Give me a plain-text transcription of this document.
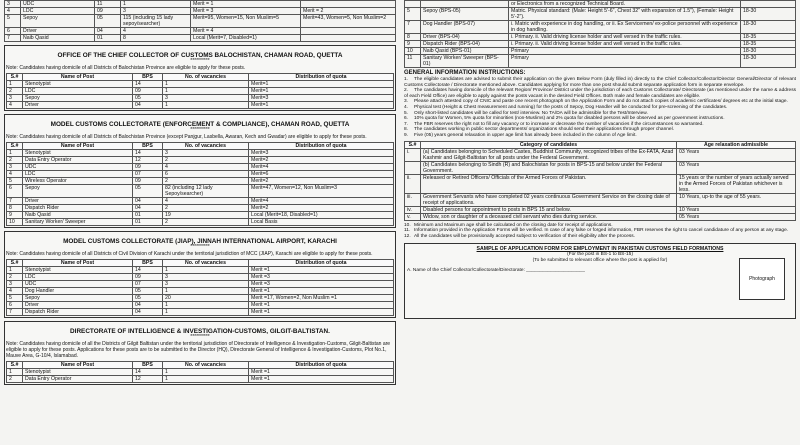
3	UDC	11	1	Merit = 1	
4	LDC	09	3	Merit = 3	Merit = 2
5	Sepoy	05	115 (including 15 lady sepoy/searcher)	Merit=95, Women=15, Non Muslim=5	Merit=43, Women=5, Non Muslim=2
6	Driver	04	4	Merit = 4	
7	Naib Qasid	01	8	Local (Merit=7, Disabled=1)	
OFFICE OF THE CHIEF COLLECTOR OF CUSTOMS BALOCHISTAN, CHAMAN ROAD, QUETTA
**********
Note: Candidates having domicile of all Districts of Balochistan Province are eligible to apply for these posts.
S.#	Name of Post	BPS	No. of vacancies	Distribution of quota
1	Stenotypist	14	1	Merit=1
2	LDC	09	1	Merit=1
3	Sepoy	05	3	Merit=3
4	Driver	04	1	Merit=1
MODEL CUSTOMS COLLECTORATE (ENFORCEMENT & COMPLIANCE), CHAMAN ROAD, QUETTA
**********
Note: Candidates having domicile of all Districts of Balochistan Province (except Panjgur, Lasbella, Awaran, Kech and Gwadar) are eligible to apply for these posts.
S.#	Name of Post	BPS	No. of vacancies	Distribution of quota
1	Stenotypist	14	3	Merit=3
2	Data Entry Operator	12	2	Merit=2
3	UDC	09	4	Merit=4
4	LDC	07	6	Merit=6
5	Wireless Operator	09	2	Merit=2
6	Sepoy	05	82 (including 12 lady Sepoy/searcher)	Merit=47, Women=12, Non Muslim=3
7	Driver	04	4	Merit=4
8	Dispatch Rider	04	2	Merit=2
9	Naib Qasid	01	19	Local (Merit=18, Disabled=1)
10	Sanitary Worker/ Sweeper	01	2	Local Basis
MODEL CUSTOMS COLLECTORATE (JIAP), JINNAH INTERNATIONAL AIRPORT, KARACHI
**********
Note: Candidates having domicile of all Districts of Civil Division of Karachi under the territorial jurisdiction of MCC (JIAP), Karachi are eligible to apply for these posts.
S.#	Name of Post	BPS	No. of vacancies	Distribution of quota
1	Stenotypist	14	1	Merit =1
2	LDC	09	3	Merit =3
3	UDC	07	3	Merit =3
4	Dog Handler	05	1	Merit =1
5	Sepoy	05	20	Merit =17, Women=2, Non Muslim =1
6	Driver	04	1	Merit =1
7	Dispatch Rider	04	1	Merit =1
DIRECTORATE OF INTELLIGENCE & INVESTIGATION-CUSTOMS, GILGIT-BALTISTAN.
**********
Note: Candidates having domicile of all the Districts of Gilgit Baltistan under the territorial jurisdiction of Directorate of Intelligence & Investigation-Customs, Gilgit-Baltistan are eligible to apply for these posts. Applications for these posts are to be submitted to the Director (HQ), Directorate General of Intelligence & Investigation-Customs, Plot No.1, Mauve Area, G-10/4, Islamabad.
S.#	Name of Post	BPS	No. of vacancies	Distribution of quota
1	Stenotypist	14	1	Merit =1
2	Data Entry Operator	12	1	Merit =1
		or Electronics from a recognized Technical Board.	
5	Sepoy (BPS-05)	Matric. Physical standard: (Male: Height 5'-6", Chest 32" with expansion of 1.5"), (Female: Height 5'-2").	18-30
7	Dog Handler (BPS-07)	i. Matric with experience in dog handling, or ii. Ex Servicemen/ ex-police personnel with experience in dog handling.	18-30
8	Driver (BPS-04)	i. Primary. ii. Valid driving license holder and well versed in the traffic rules.	18-35
9	Dispatch Rider (BPS-04)	i. Primary. ii. Valid driving license holder and well versed in the traffic rules.	18-35
10	Naib Qasid (BPS-01)	Primary	18-30
11	Sanitary Worker/ Sweeper (BPS-01)	Primary	18-30
GENERAL INFORMATION INSTRUCTIONS:

1. The eligible candidates are advised to submit their application on the given Below Form (duly filled in) directly to the Chief Collector/Collector/Director General/Director of relevant Customs Collectorate / Directorate mentioned above. Candidates applying for more than one post should submit separate application form in separate envelope.

2. The candidates having domicile of the relevant Region/ Province/ District under the jurisdiction of each Customs Collectorate/ Directorate (as mentioned under the name & address of each Field Office) are eligible to apply against the posts vacant in the desired Field Offices. Both male and female candidates are eligible.

3. Please attach attested copy of CNIC and paste one recent photograph on the Application Form and do not attach copies of academic certificates/ degrees etc at the initial stage.

4. Physical test (Height & Chest measurement and running) for the posts of Sepoy, Dog Handler will be conducted for pre-screening of the candidates.

5. Only short-listed candidates will be called for test/ interview. No TA/DA will be admissible for the Test/Interview.

6. 10% quota for Women, 5% quota for minorities (non-Muslims) and 2% quota for disabled persons will be observed as per government instructions.

7. The FBR reserves the right not to fill any vacancy or to increase or decrease the number of vacancies if the circumstances so warranted.

8. The candidates working in public sector departments/ organizations should send their applications through proper channel.

9. Five (05) years general relaxation in upper age limit has already been included in the column of Age limit.

S.#	Category of candidates	Age relaxation admissible
i.	(a) Candidates belonging to Scheduled Castes, Buddhist Community, recognized tribes of the Ex-FATA, Azad Kashmir and Gilgit-Baltistan for all posts under the Federal Government.	03 Years
	(b) Candidates belonging to Sindh (R) and Balochistan for posts in BPS-15 and below under the Federal Government.	03 Years
ii.	Released or Retired Officers/ Officials of the Armed Forces of Pakistan.	15 years or the number of years actually served in the Armed Forces of Pakistan whichever is less.
iii.	Government Servants who have completed 02 years continuous Government Service on the closing date of receipt of applications.	10 Years, up-to the age of 55 years.
iv.	Disabled persons for appointment to posts in BPS 15 and below.	10 Years
v.	Widow, son or daughter of a deceased civil servant who dies during service.	05 Years

10. Minimum and Maximum age shall be calculated on the closing date for receipt of applications.

11. Information provided in the Application Forms will be verified. In case of any false or forged information, FBR reserves the right to cancel candidature of any person at any stage.

12. All the candidates will be provisionally accepted subject to verification of their eligibility after the process.

SAMPLE OF APPLICATION FORM FOR EMPLOYMENT IN PAKISTAN CUSTOMS FIELD FORMATIONS
(For the post in BS-1 to BS-15)
(To be submitted to relevant office where the post is applied for)
A. Name of the Chief Collector/Collectorate/Directorate: ______________________
Photograph
